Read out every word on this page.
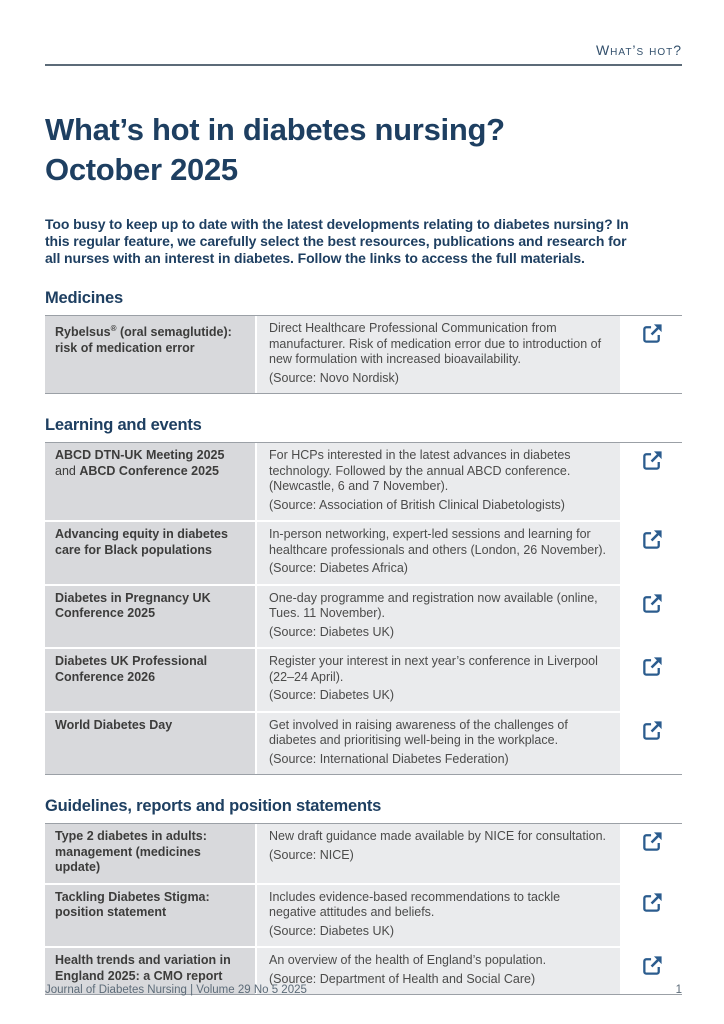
What’s hot?
What’s hot in diabetes nursing?
October 2025

Too busy to keep up to date with the latest developments relating to diabetes nursing? In this regular feature, we carefully select the best resources, publications and research for all nurses with an interest in diabetes. Follow the links to access the full materials.

Medicines
Rybelsus® (oral semaglutide): risk of medication error
Direct Healthcare Professional Communication from manufacturer. Risk of medication error due to introduction of new formulation with increased bioavailability.
(Source: Novo Nordisk)
Learning and events
ABCD DTN-UK Meeting 2025 and ABCD Conference 2025
For HCPs interested in the latest advances in diabetes technology. Followed by the annual ABCD conference. (Newcastle, 6 and 7 November).
(Source: Association of British Clinical Diabetologists)
Advancing equity in diabetes care for Black populations
In-person networking, expert-led sessions and learning for healthcare professionals and others (London, 26 November).
(Source: Diabetes Africa)
Diabetes in Pregnancy UK Conference 2025
One-day programme and registration now available (online, Tues. 11 November).
(Source: Diabetes UK)
Diabetes UK Professional Conference 2026
Register your interest in next year’s conference in Liverpool (22–24 April).
(Source: Diabetes UK)
World Diabetes Day	Get involved in raising awareness of the challenges of diabetes and prioritising well-being in the workplace.
(Source: International Diabetes Federation)
Guidelines, reports and position statements
Type 2 diabetes in adults: management (medicines update)
New draft guidance made available by NICE for consultation.
(Source: NICE)
Tackling Diabetes Stigma: position statement
Includes evidence-based recommendations to tackle negative attitudes and beliefs.
(Source: Diabetes UK)
Health trends and variation in England 2025: a CMO report
An overview of the health of England’s population.
(Source: Department of Health and Social Care)
Journal of Diabetes Nursing | Volume 29 No 5 2025	1
